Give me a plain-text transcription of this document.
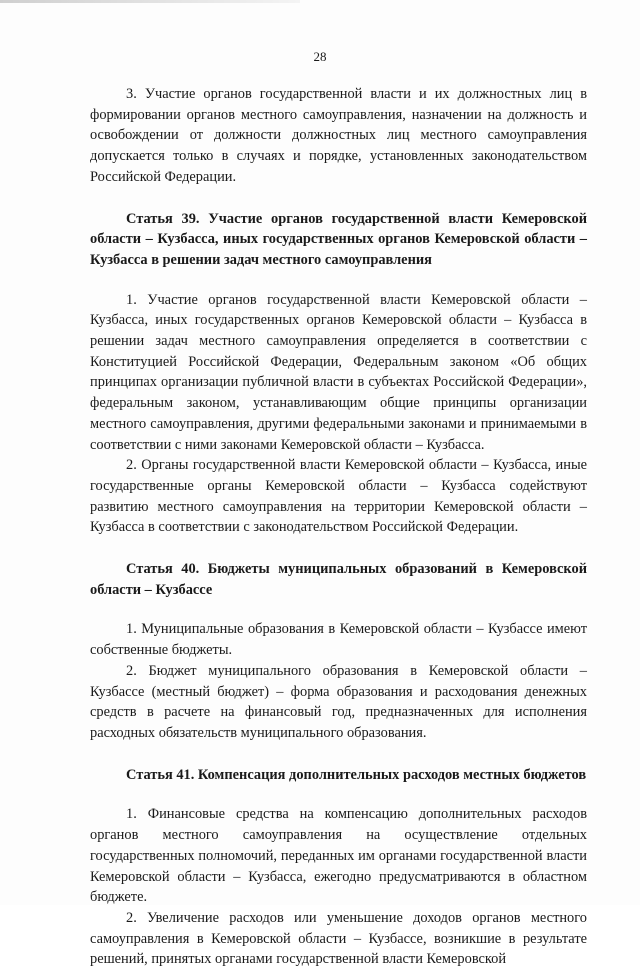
28

3. Участие органов государственной власти и их должностных лиц в формировании органов местного самоуправления, назначении на должность и освобождении от должности должностных лиц местного самоуправления допускается только в случаях и порядке, установленных законодательством Российской Федерации.

Статья 39. Участие органов государственной власти Кемеровской области – Кузбасса, иных государственных органов Кемеровской области – Кузбасса в решении задач местного самоуправления

1. Участие органов государственной власти Кемеровской области – Кузбасса, иных государственных органов Кемеровской области – Кузбасса в решении задач местного самоуправления определяется в соответствии с Конституцией Российской Федерации, Федеральным законом «Об общих принципах организации публичной власти в субъектах Российской Федерации», федеральным законом, устанавливающим общие принципы организации местного самоуправления, другими федеральными законами и принимаемыми в соответствии с ними законами Кемеровской области – Кузбасса.

2. Органы государственной власти Кемеровской области – Кузбасса, иные государственные органы Кемеровской области – Кузбасса содействуют развитию местного самоуправления на территории Кемеровской области – Кузбасса в соответствии с законодательством Российской Федерации.

Статья 40. Бюджеты муниципальных образований в Кемеровской области – Кузбассе

1. Муниципальные образования в Кемеровской области – Кузбассе имеют собственные бюджеты.

2. Бюджет муниципального образования в Кемеровской области – Кузбассе (местный бюджет) – форма образования и расходования денежных средств в расчете на финансовый год, предназначенных для исполнения расходных обязательств муниципального образования.

Статья 41. Компенсация дополнительных расходов местных бюджетов

1. Финансовые средства на компенсацию дополнительных расходов органов местного самоуправления на осуществление отдельных государственных полномочий, переданных им органами государственной власти Кемеровской области – Кузбасса, ежегодно предусматриваются в областном бюджете.

2. Увеличение расходов или уменьшение доходов органов местного самоуправления в Кемеровской области – Кузбассе, возникшие в результате решений, принятых органами государственной власти Кемеровской
